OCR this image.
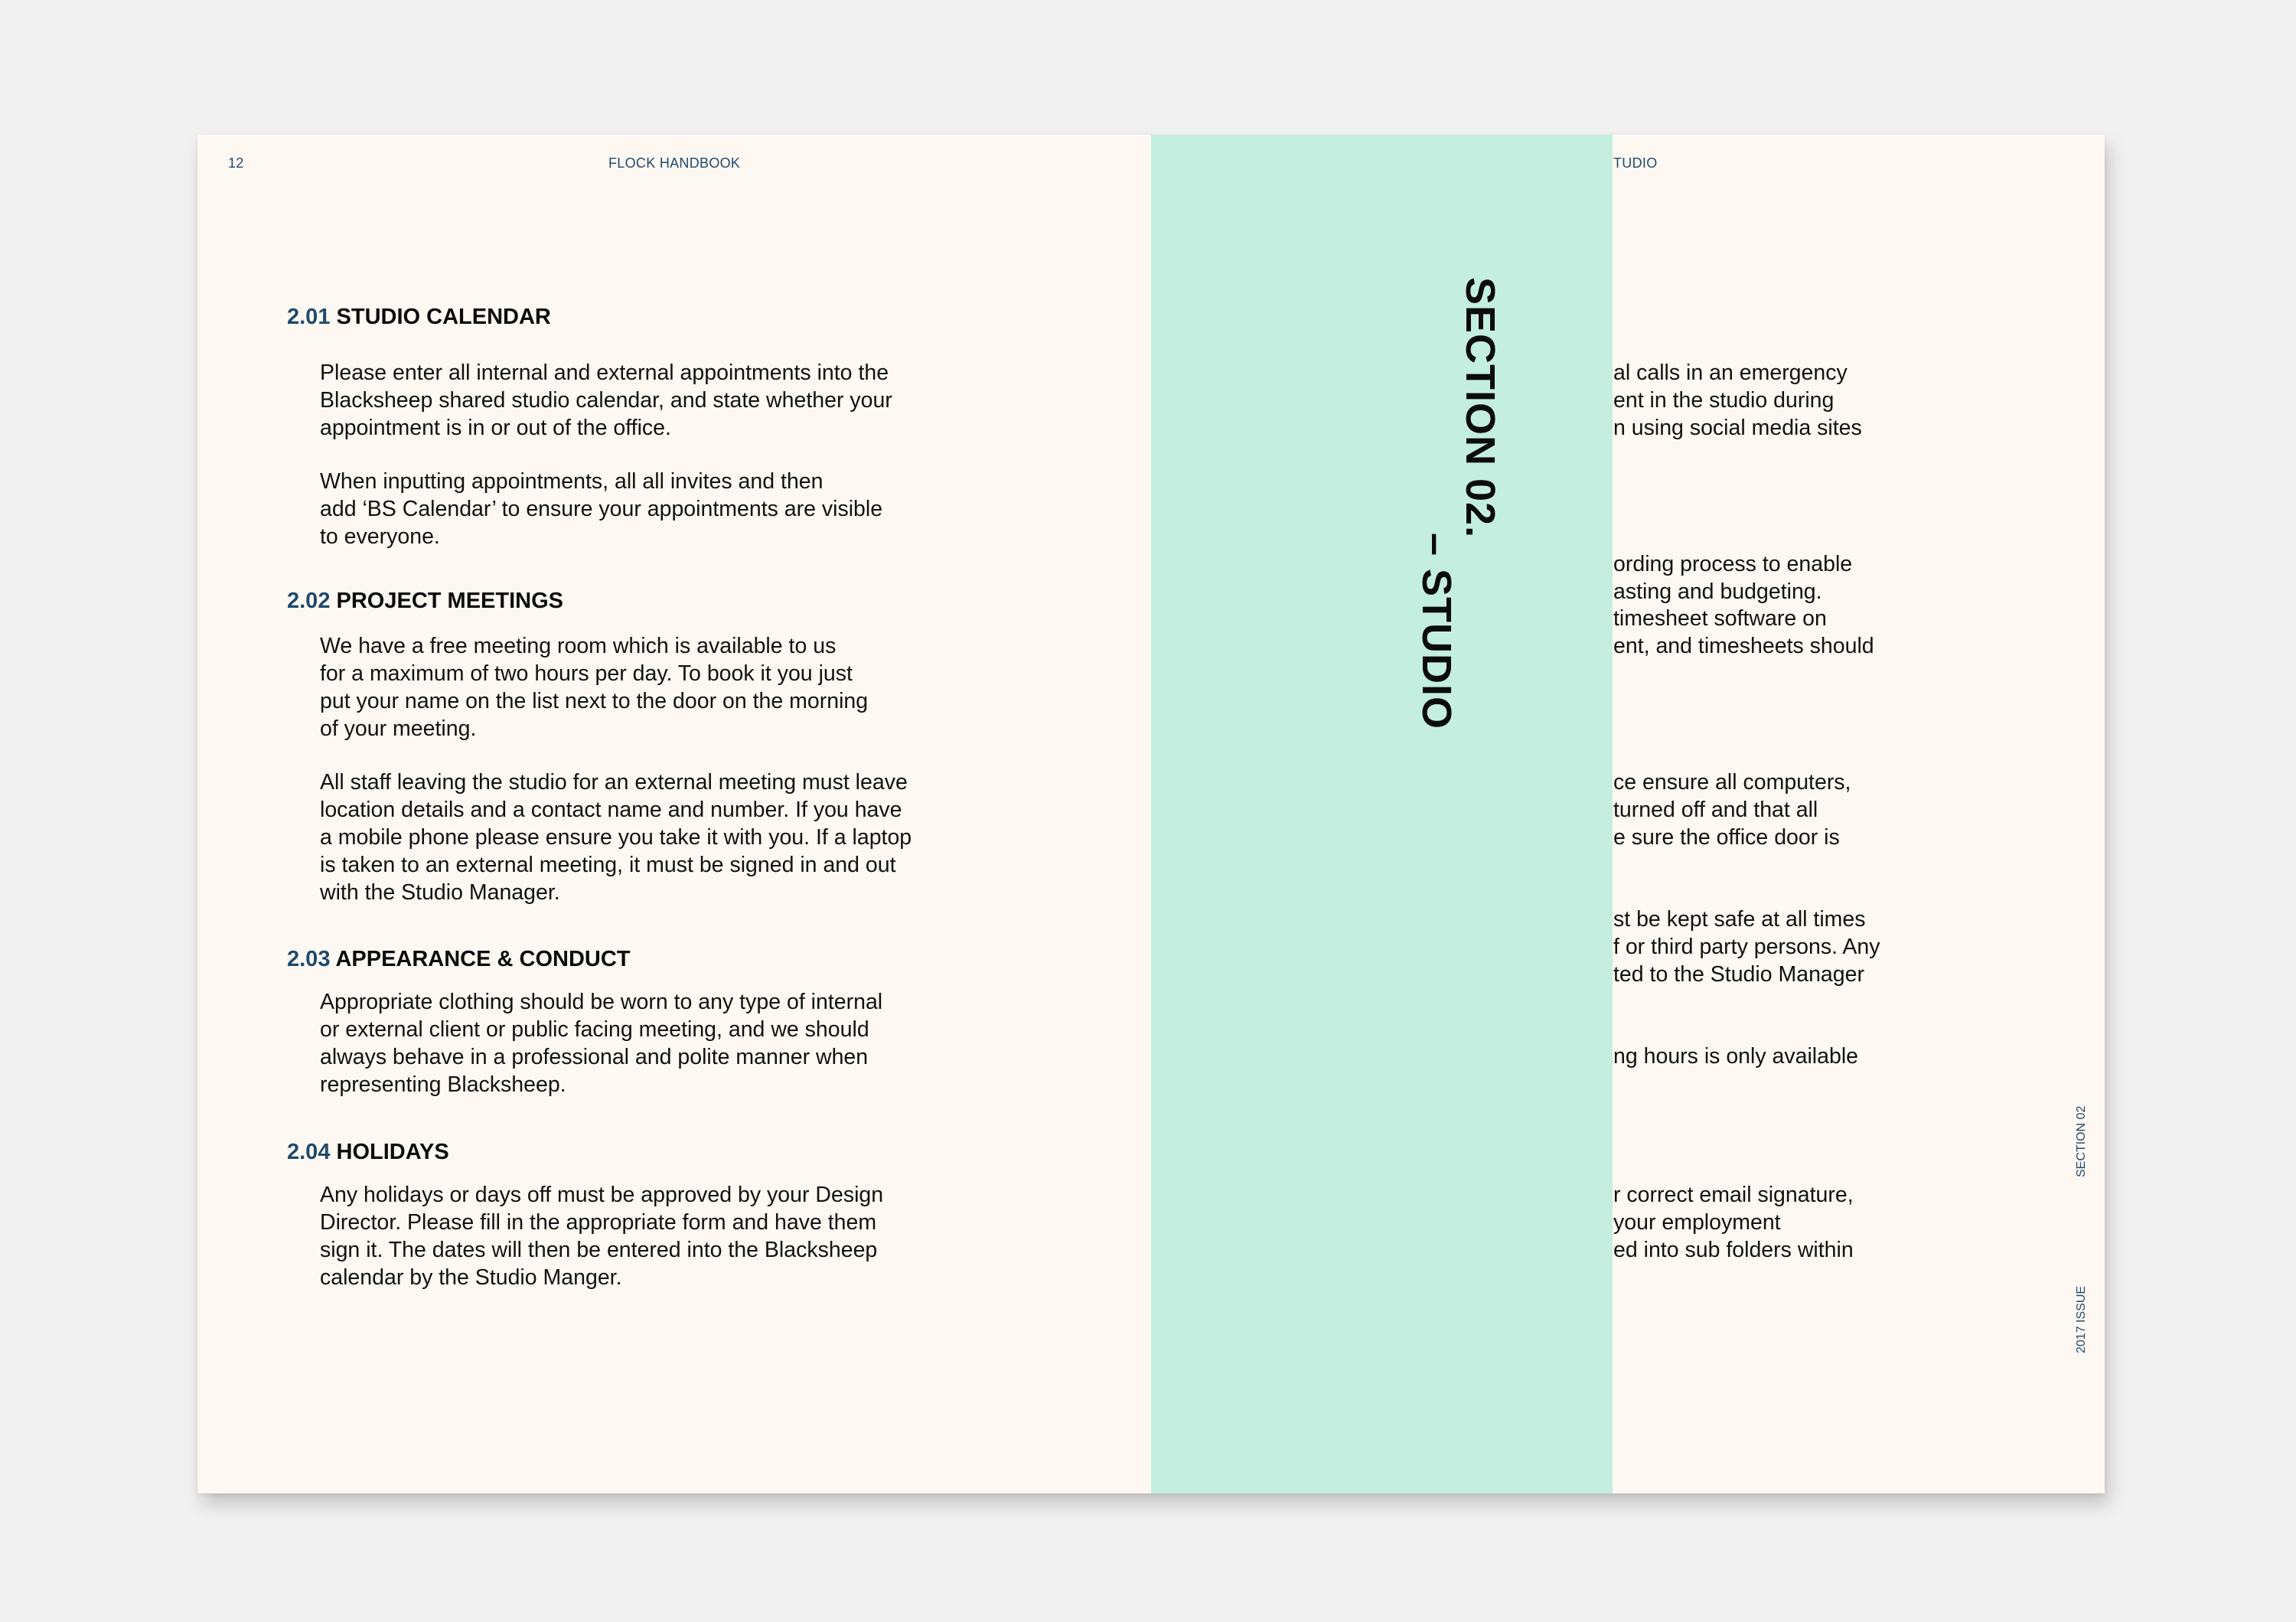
12	FLOCK HANDBOOK
2.01 STUDIO CALENDAR
Please enter all internal and external appointments into the
Blacksheep shared studio calendar, and state whether your
appointment is in or out of the office.
When inputting appointments, all all invites and then
add ‘BS Calendar’ to ensure your appointments are visible
to everyone.
2.02 PROJECT MEETINGS
We have a free meeting room which is available to us
for a maximum of two hours per day. To book it you just
put your name on the list next to the door on the morning
of your meeting.
All staff leaving the studio for an external meeting must leave
location details and a contact name and number. If you have
a mobile phone please ensure you take it with you. If a laptop
is taken to an external meeting, it must be signed in and out
with the Studio Manager.
2.03 APPEARANCE & CONDUCT
Appropriate clothing should be worn to any type of internal
or external client or public facing meeting, and we should
always behave in a professional and polite manner when
representing Blacksheep.
2.04 HOLIDAYS
Any holidays or days off must be approved by your Design
Director. Please fill in the appropriate form and have them
sign it. The dates will then be entered into the Blacksheep
calendar by the Studio Manger.
TUDIO
al calls in an emergency
ent in the studio during
n using social media sites
ording process to enable
asting and budgeting.
timesheet software on
ent, and timesheets should
ce ensure all computers,
turned off and that all
e sure the office door is
st be kept safe at all times
f or third party persons. Any
ted to the Studio Manager
ng hours is only available
r correct email signature,
your employment
ed into sub folders within
SECTION 02
2017 ISSUE
SECTION 02.
– STUDIO
